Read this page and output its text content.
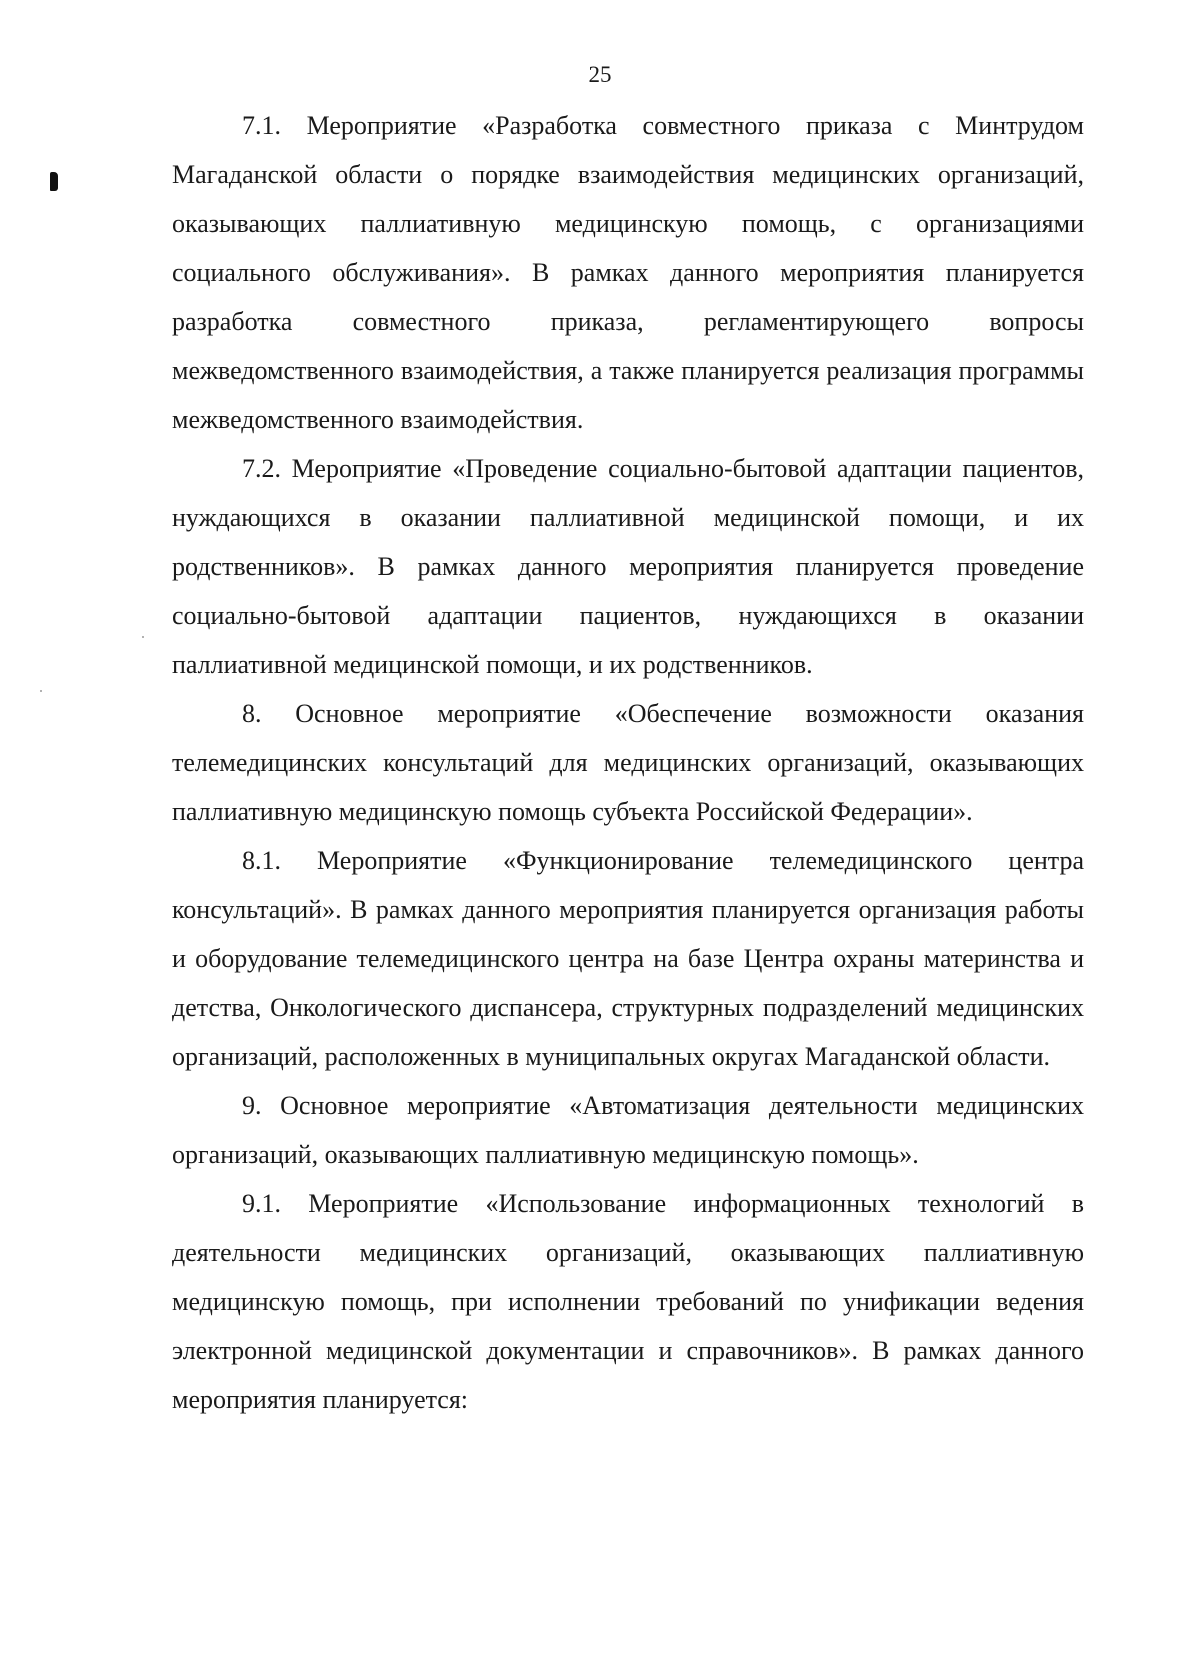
25

7.1. Мероприятие «Разработка совместного приказа с Минтрудом Магаданской области о порядке взаимодействия медицинских организаций, оказывающих паллиативную медицинскую помощь, с организациями социального обслуживания». В рамках данного мероприятия планируется разработка совместного приказа, регламентирующего вопросы межведомственного взаимодействия, а также планируется реализация программы межведомственного взаимодействия.

7.2. Мероприятие «Проведение социально-бытовой адаптации пациентов, нуждающихся в оказании паллиативной медицинской помощи, и их родственников». В рамках данного мероприятия планируется проведение социально-бытовой адаптации пациентов, нуждающихся в оказании паллиативной медицинской помощи, и их родственников.

8. Основное мероприятие «Обеспечение возможности оказания телемедицинских консультаций для медицинских организаций, оказывающих паллиативную медицинскую помощь субъекта Российской Федерации».

8.1. Мероприятие «Функционирование телемедицинского центра консультаций». В рамках данного мероприятия планируется организация работы и оборудование телемедицинского центра на базе Центра охраны материнства и детства, Онкологического диспансера, структурных подразделений медицинских организаций, расположенных в муниципальных округах Магаданской области.

9. Основное мероприятие «Автоматизация деятельности медицинских организаций, оказывающих паллиативную медицинскую помощь».

9.1. Мероприятие «Использование информационных технологий в деятельности медицинских организаций, оказывающих паллиативную медицинскую помощь, при исполнении требований по унификации ведения электронной медицинской документации и справочников». В рамках данного мероприятия планируется:
